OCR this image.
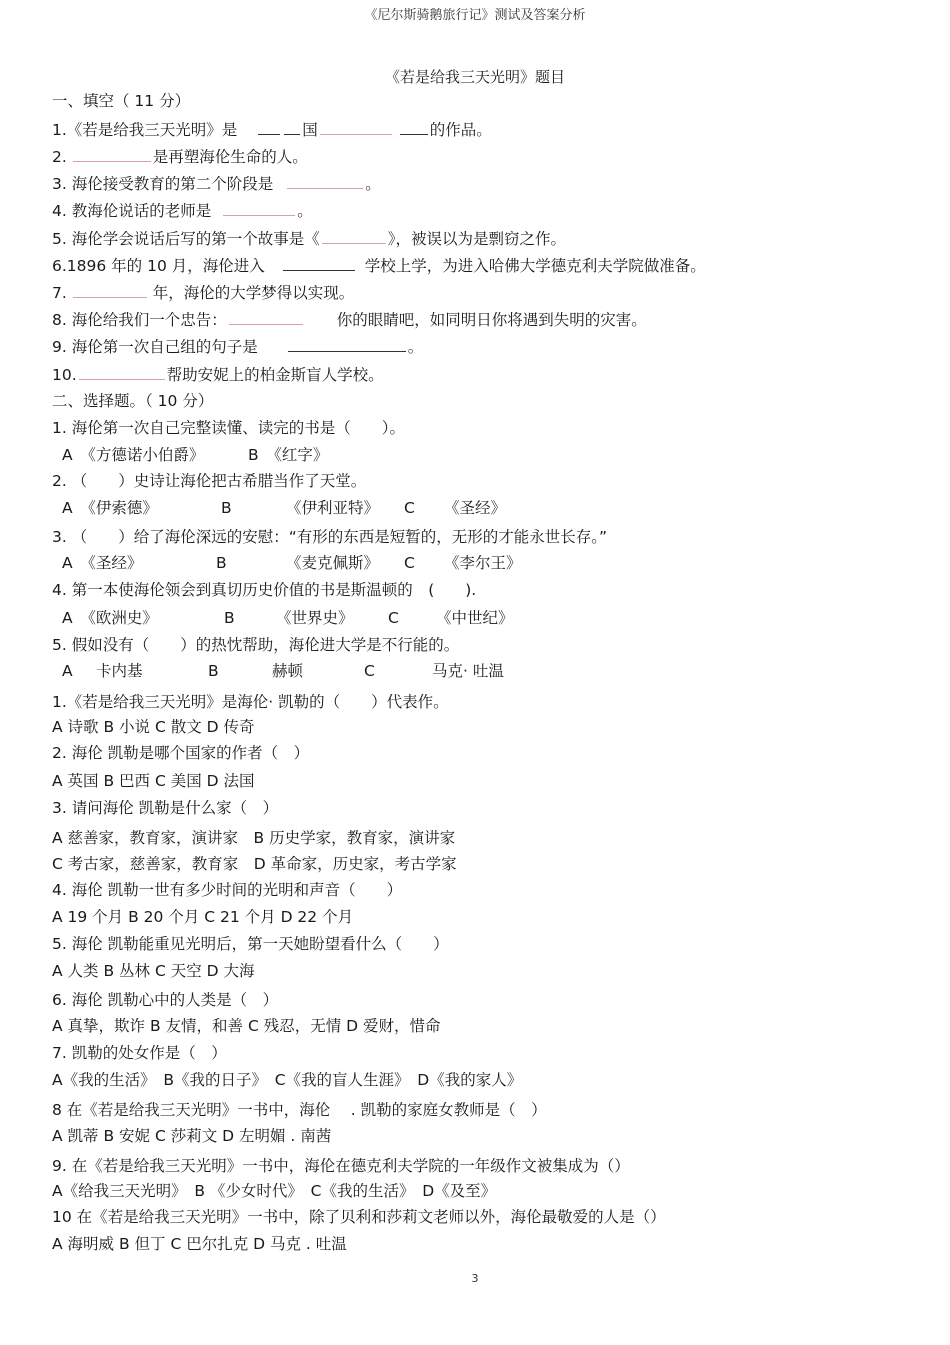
《尼尔斯骑鹅旅行记》测试及答案分析
《若是给我三天光明》题目
一、填空（ 11 分）
1.《若是给我三天光明》是	国	的作品。
2.	是再塑海伦生命的人。
3. 海伦接受教育的第二个阶段是	。
4. 教海伦说话的老师是	。
5. 海伦学会说话后写的第一个故事是《	》，被误以为是剽窃之作。
6.1896 年的 10 月，海伦进入	学校上学，为进入哈佛大学德克利夫学院做准备。
7.	年，海伦的大学梦得以实现。
8. 海伦给我们一个忠告：	你的眼睛吧，如同明日你将遇到失明的灾害。
9. 海伦第一次自己组的句子是	。
10.	帮助安妮上的柏金斯盲人学校。
二、选择题。（ 10 分）
1. 海伦第一次自己完整读懂、读完的书是（　　）。
A　《方德诺小伯爵》	B　《红字》
2. （　　）史诗让海伦把古希腊当作了天堂。
A　《伊索德》	B	《伊利亚特》 C 《圣经》
3. （　　）给了海伦深远的安慰：“有形的东西是短暂的，无形的才能永世长存。”
A　《圣经》	B	《麦克佩斯》 C 《李尔王》
4. 第一本使海伦领会到真切历史价值的书是斯温顿的　(　　).
A　《欧洲史》	B	《世界史》 C 《中世纪》
5. 假如没有（　　）的热忱帮助，海伦进大学是不行能的。
A 卡内基	B	赫顿	C	马克· 吐温
1.《若是给我三天光明》是海伦· 凯勒的（　　）代表作。
A 诗歌 B 小说 C 散文 D 传奇
2. 海伦 凯勒是哪个国家的作者（　）
A 英国 B 巴西 C 美国 D 法国
3. 请问海伦 凯勒是什么家（　）
A 慈善家，教育家，演讲家　B 历史学家，教育家，演讲家
C 考古家，慈善家，教育家　D 革命家，历史家，考古学家
4. 海伦 凯勒一世有多少时间的光明和声音（　　）
A 19 个月 B 20 个月 C 21 个月 D 22 个月
5. 海伦 凯勒能重见光明后，第一天她盼望看什么（　　）
A 人类 B 丛林 C 天空 D 大海
6. 海伦 凯勒心中的人类是（　）
A 真挚，欺诈 B 友情，和善 C 残忍，无情 D 爱财，惜命
7. 凯勒的处女作是（　）
A《我的生活》　B《我的日子》　C《我的盲人生涯》　D《我的家人》
8 在《若是给我三天光明》一书中，海伦　 . 凯勒的家庭女教师是（　）
A 凯蒂 B 安妮 C 莎莉文 D 左明媚 . 南茜
9. 在《若是给我三天光明》一书中，海伦在德克利夫学院的一年级作文被集成为（）
A《给我三天光明》　B 《少女时代》　C《我的生活》　D《及至》
10 在《若是给我三天光明》一书中，除了贝利和莎莉文老师以外，海伦最敬爱的人是（）
A 海明威 B 但丁 C 巴尔扎克 D 马克 . 吐温
3
